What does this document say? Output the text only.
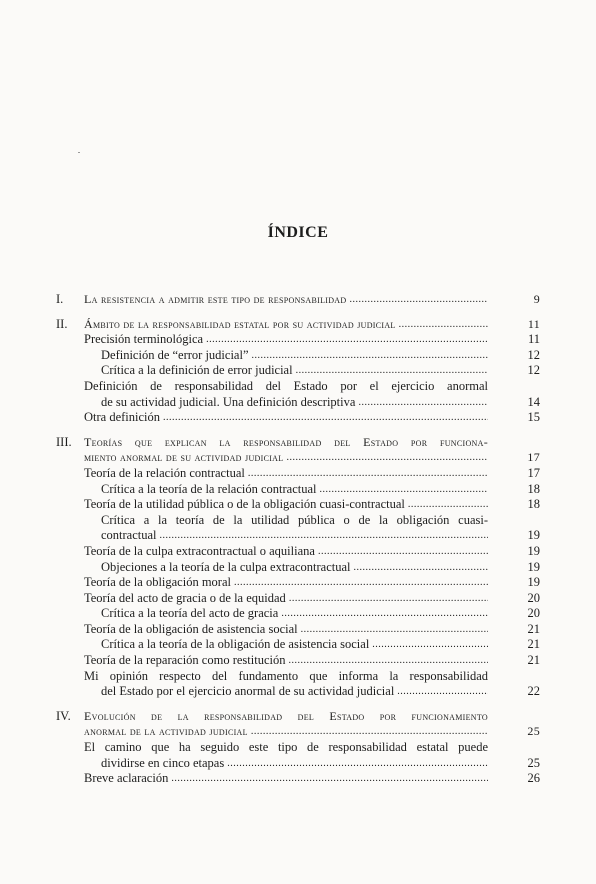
ÍNDICE
I. La resistencia a admitir este tipo de responsabilidad . . .	9
II. Ámbito de la responsabilidad estatal por su actividad judicial . . .	11
Precisión terminológica . . .	11
Definición de “error judicial” . . .	12
Crítica a la definición de error judicial . . .	12
Definición de responsabilidad del Estado por el ejercicio anormal
de su actividad judicial. Una definición descriptiva . . .	14
Otra definición . . .	15
III. Teorías que explican la responsabilidad del Estado por funciona-
miento anormal de su actividad judicial . . .	17
Teoría de la relación contractual . . .	17
Crítica a la teoría de la relación contractual . . .	18
Teoría de la utilidad pública o de la obligación cuasi-contractual . . .	18
Crítica a la teoría de la utilidad pública o de la obligación cuasi-
contractual . . .	19
Teoría de la culpa extracontractual o aquiliana . . .	19
Objeciones a la teoría de la culpa extracontractual . . .	19
Teoría de la obligación moral . . .	19
Teoría del acto de gracia o de la equidad . . .	20
Crítica a la teoría del acto de gracia . . .	20
Teoría de la obligación de asistencia social . . .	21
Crítica a la teoría de la obligación de asistencia social . . .	21
Teoría de la reparación como restitución . . .	21
Mi opinión respecto del fundamento que informa la responsabilidad
del Estado por el ejercicio anormal de su actividad judicial . . .	22
IV. Evolución de la responsabilidad del Estado por funcionamiento
anormal de la actividad judicial . . .	25
El camino que ha seguido este tipo de responsabilidad estatal puede
dividirse en cinco etapas . . .	25
Breve aclaración . . .	26
